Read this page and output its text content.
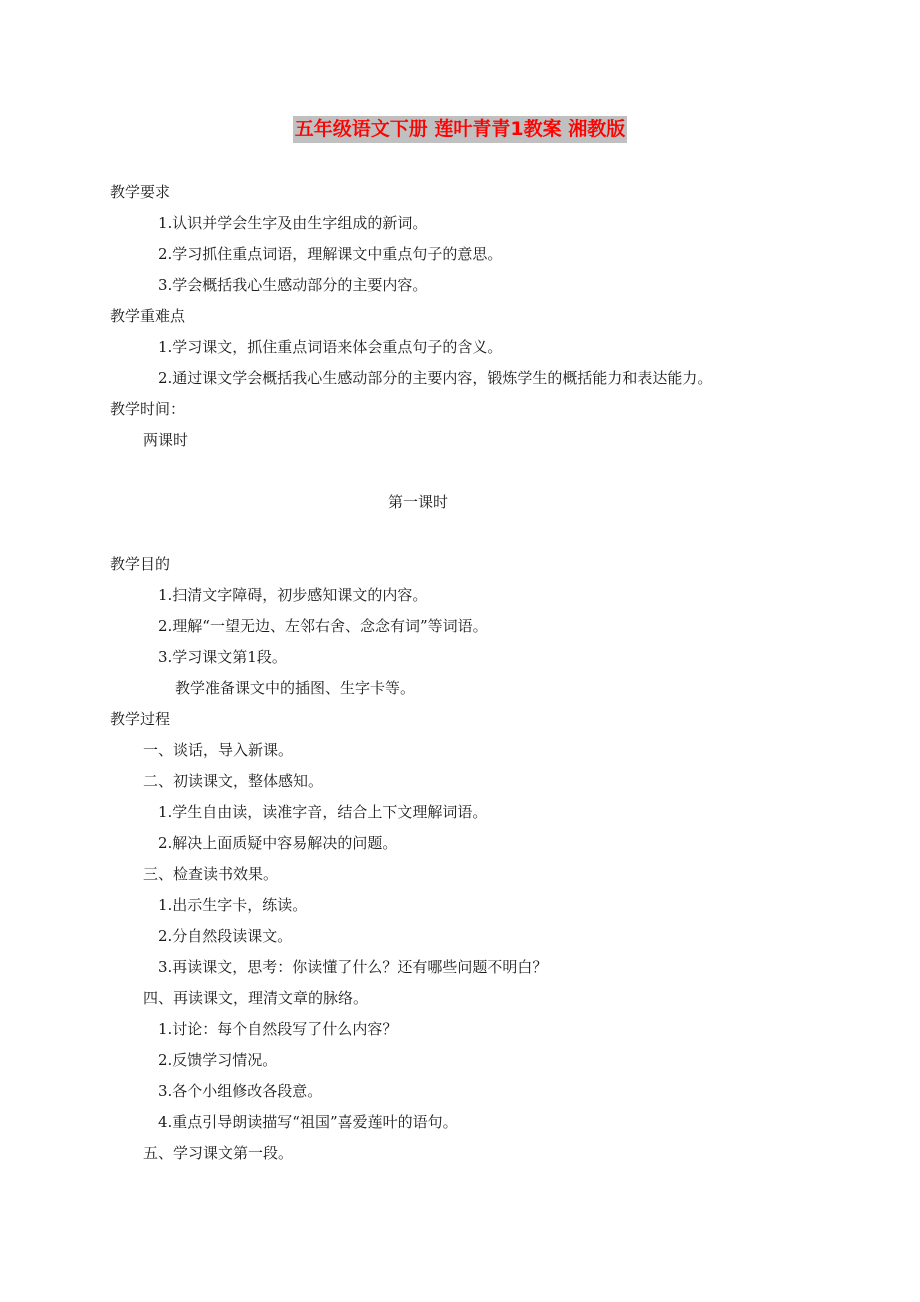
五年级语文下册 莲叶青青1教案 湘教版
教学要求
1.认识并学会生字及由生字组成的新词。
2.学习抓住重点词语，理解课文中重点句子的意思。
3.学会概括我心生感动部分的主要内容。
教学重难点
1.学习课文，抓住重点词语来体会重点句子的含义。
2.通过课文学会概括我心生感动部分的主要内容，锻炼学生的概括能力和表达能力。
教学时间：
两课时
第一课时
教学目的
1.扫清文字障碍，初步感知课文的内容。
2.理解“一望无边、左邻右舍、念念有词”等词语。
3.学习课文第1段。
教学准备课文中的插图、生字卡等。
教学过程
一、谈话，导入新课。
二、初读课文，整体感知。
1.学生自由读，读准字音，结合上下文理解词语。
2.解决上面质疑中容易解决的问题。
三、检查读书效果。
1.出示生字卡，练读。
2.分自然段读课文。
3.再读课文，思考：你读懂了什么？还有哪些问题不明白？
四、再读课文，理清文章的脉络。
1.讨论：每个自然段写了什么内容？
2.反馈学习情况。
3.各个小组修改各段意。
4.重点引导朗读描写“祖国”喜爱莲叶的语句。
五、学习课文第一段。
